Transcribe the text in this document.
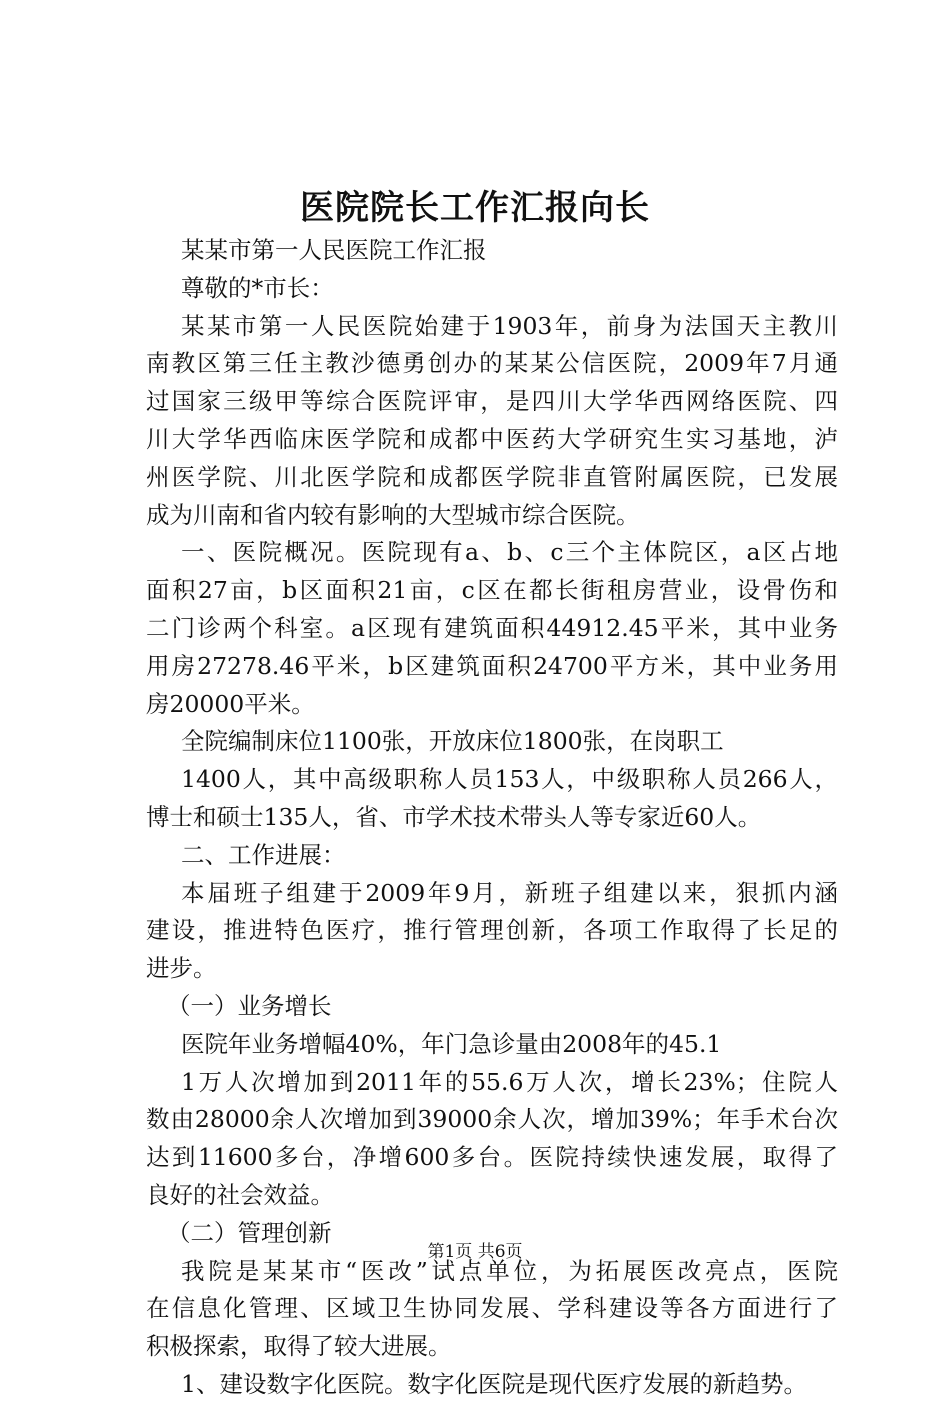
医院院长工作汇报向长
某某市第一人民医院工作汇报
尊敬的*市长：
某某市第一人民医院始建于1903年，前身为法国天主教川
南教区第三任主教沙德勇创办的某某公信医院，2009年7月通
过国家三级甲等综合医院评审，是四川大学华西网络医院、四
川大学华西临床医学院和成都中医药大学研究生实习基地，泸
州医学院、川北医学院和成都医学院非直管附属医院，已发展
成为川南和省内较有影响的大型城市综合医院。
一、医院概况。医院现有a、b、c三个主体院区，a区占地
面积27亩，b区面积21亩，c区在都长街租房营业，设骨伤和
二门诊两个科室。a区现有建筑面积44912.45平米，其中业务
用房27278.46平米，b区建筑面积24700平方米，其中业务用
房20000平米。
全院编制床位1100张，开放床位1800张，在岗职工
1400人，其中高级职称人员153人，中级职称人员266人，
博士和硕士135人，省、市学术技术带头人等专家近60人。
二、工作进展：
本届班子组建于2009年9月，新班子组建以来，狠抓内涵
建设，推进特色医疗，推行管理创新，各项工作取得了长足的
进步。
（一）业务增长
医院年业务增幅40%，年门急诊量由2008年的45.1
1万人次增加到2011年的55.6万人次，增长23%；住院人
数由28000余人次增加到39000余人次，增加39%；年手术台次
达到11600多台，净增600多台。医院持续快速发展，取得了
良好的社会效益。
（二）管理创新
我院是某某市“医改”试点单位，为拓展医改亮点，医院
在信息化管理、区域卫生协同发展、学科建设等各方面进行了
积极探索，取得了较大进展。
1、建设数字化医院。数字化医院是现代医疗发展的新趋势。
第1页 共6页
